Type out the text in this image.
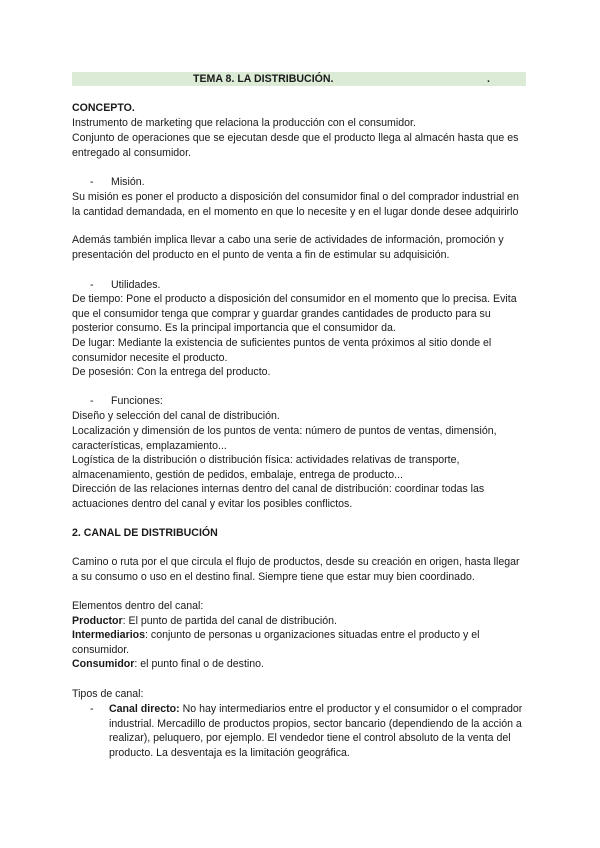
TEMA 8. LA DISTRIBUCIÓN.	.

CONCEPTO.

Instrumento de marketing que relaciona la producción con el consumidor.

Conjunto de operaciones que se ejecutan desde que el producto llega al almacén hasta que es entregado al consumidor.

- Misión.

Su misión es poner el producto a disposición del consumidor final o del comprador industrial en la cantidad demandada, en el momento en que lo necesite y en el lugar donde desee adquirirlo

Además también implica llevar a cabo una serie de actividades de información, promoción y presentación del producto en el punto de venta a fin de estimular su adquisición.

- Utilidades.

De tiempo: Pone el producto a disposición del consumidor en el momento que lo precisa. Evita que el consumidor tenga que comprar y guardar grandes cantidades de producto para su posterior consumo. Es la principal importancia que el consumidor da.

De lugar: Mediante la existencia de suficientes puntos de venta próximos al sitio donde el consumidor necesite el producto.

De posesión: Con la entrega del producto.

- Funciones:

Diseño y selección del canal de distribución.

Localización y dimensión de los puntos de venta: número de puntos de ventas, dimensión, características, emplazamiento...

Logística de la distribución o distribución física: actividades relativas de transporte, almacenamiento, gestión de pedidos, embalaje, entrega de producto...

Dirección de las relaciones internas dentro del canal de distribución: coordinar todas las actuaciones dentro del canal y evitar los posibles conflictos.

2. CANAL DE DISTRIBUCIÓN

Camino o ruta por el que circula el flujo de productos, desde su creación en origen, hasta llegar a su consumo o uso en el destino final. Siempre tiene que estar muy bien coordinado.

Elementos dentro del canal:

Productor: El punto de partida del canal de distribución.

Intermediarios: conjunto de personas u organizaciones situadas entre el producto y el consumidor.

Consumidor: el punto final o de destino.

Tipos de canal:

- Canal directo: No hay intermediarios entre el productor y el consumidor o el comprador industrial. Mercadillo de productos propios, sector bancario (dependiendo de la acción a realizar), peluquero, por ejemplo. El vendedor tiene el control absoluto de la venta del producto. La desventaja es la limitación geográfica.
